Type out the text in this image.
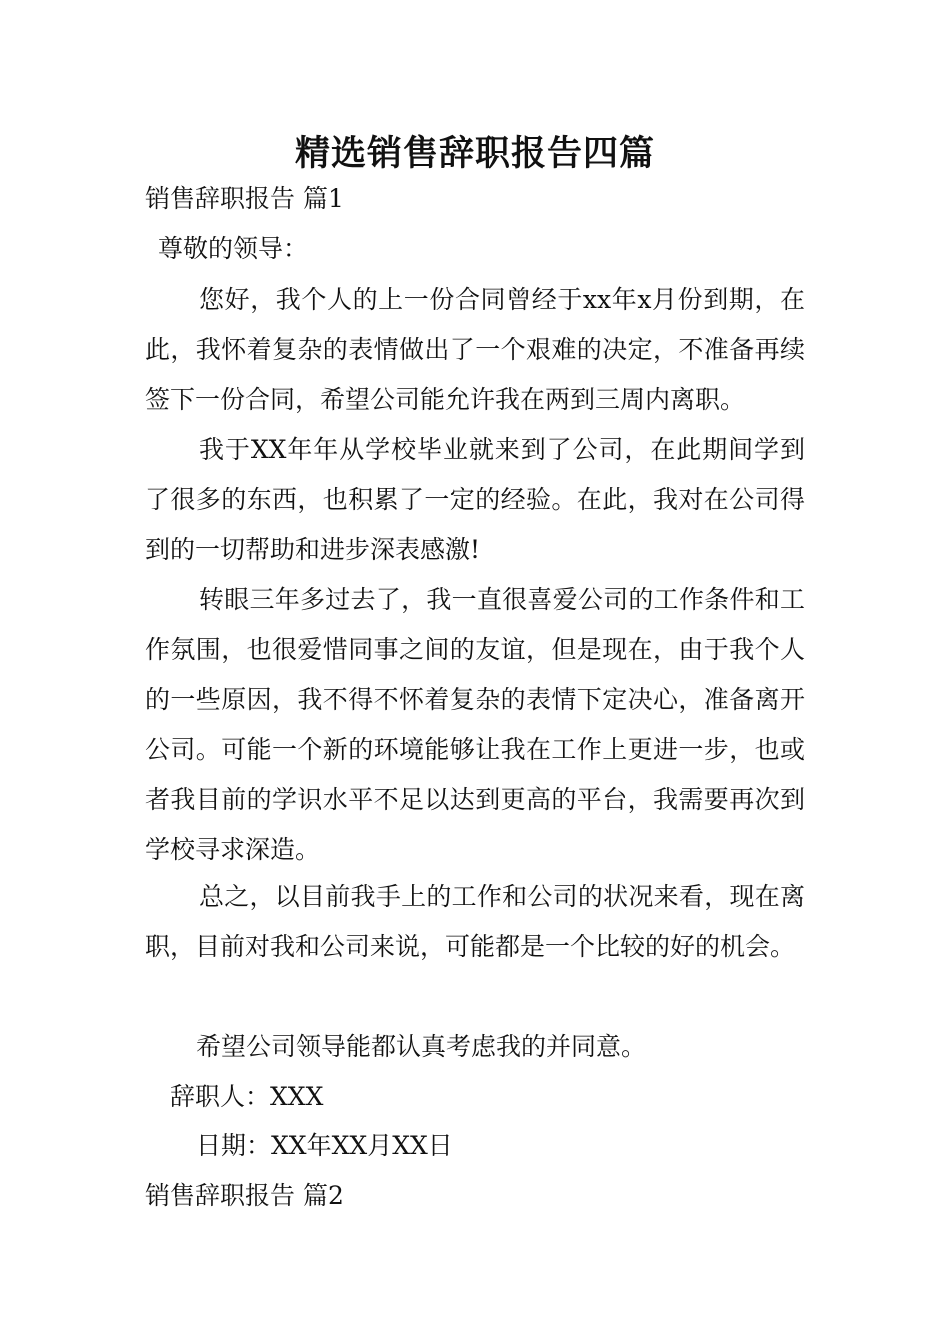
精选销售辞职报告四篇
销售辞职报告 篇1
尊敬的领导：

您好，我个人的上一份合同曾经于xx年x月份到期，在此，我怀着复杂的表情做出了一个艰难的决定，不准备再续签下一份合同，希望公司能允许我在两到三周内离职。

我于XX年年从学校毕业就来到了公司，在此期间学到了很多的东西，也积累了一定的经验。在此，我对在公司得到的一切帮助和进步深表感激!

转眼三年多过去了，我一直很喜爱公司的工作条件和工作氛围，也很爱惜同事之间的友谊，但是现在，由于我个人的一些原因，我不得不怀着复杂的表情下定决心，准备离开公司。可能一个新的环境能够让我在工作上更进一步，也或者我目前的学识水平不足以达到更高的平台，我需要再次到学校寻求深造。

总之，以目前我手上的工作和公司的状况来看，现在离职，目前对我和公司来说，可能都是一个比较的好的机会。

希望公司领导能都认真考虑我的并同意。
辞职人：XXX
日期：XX年XX月XX日
销售辞职报告 篇2
